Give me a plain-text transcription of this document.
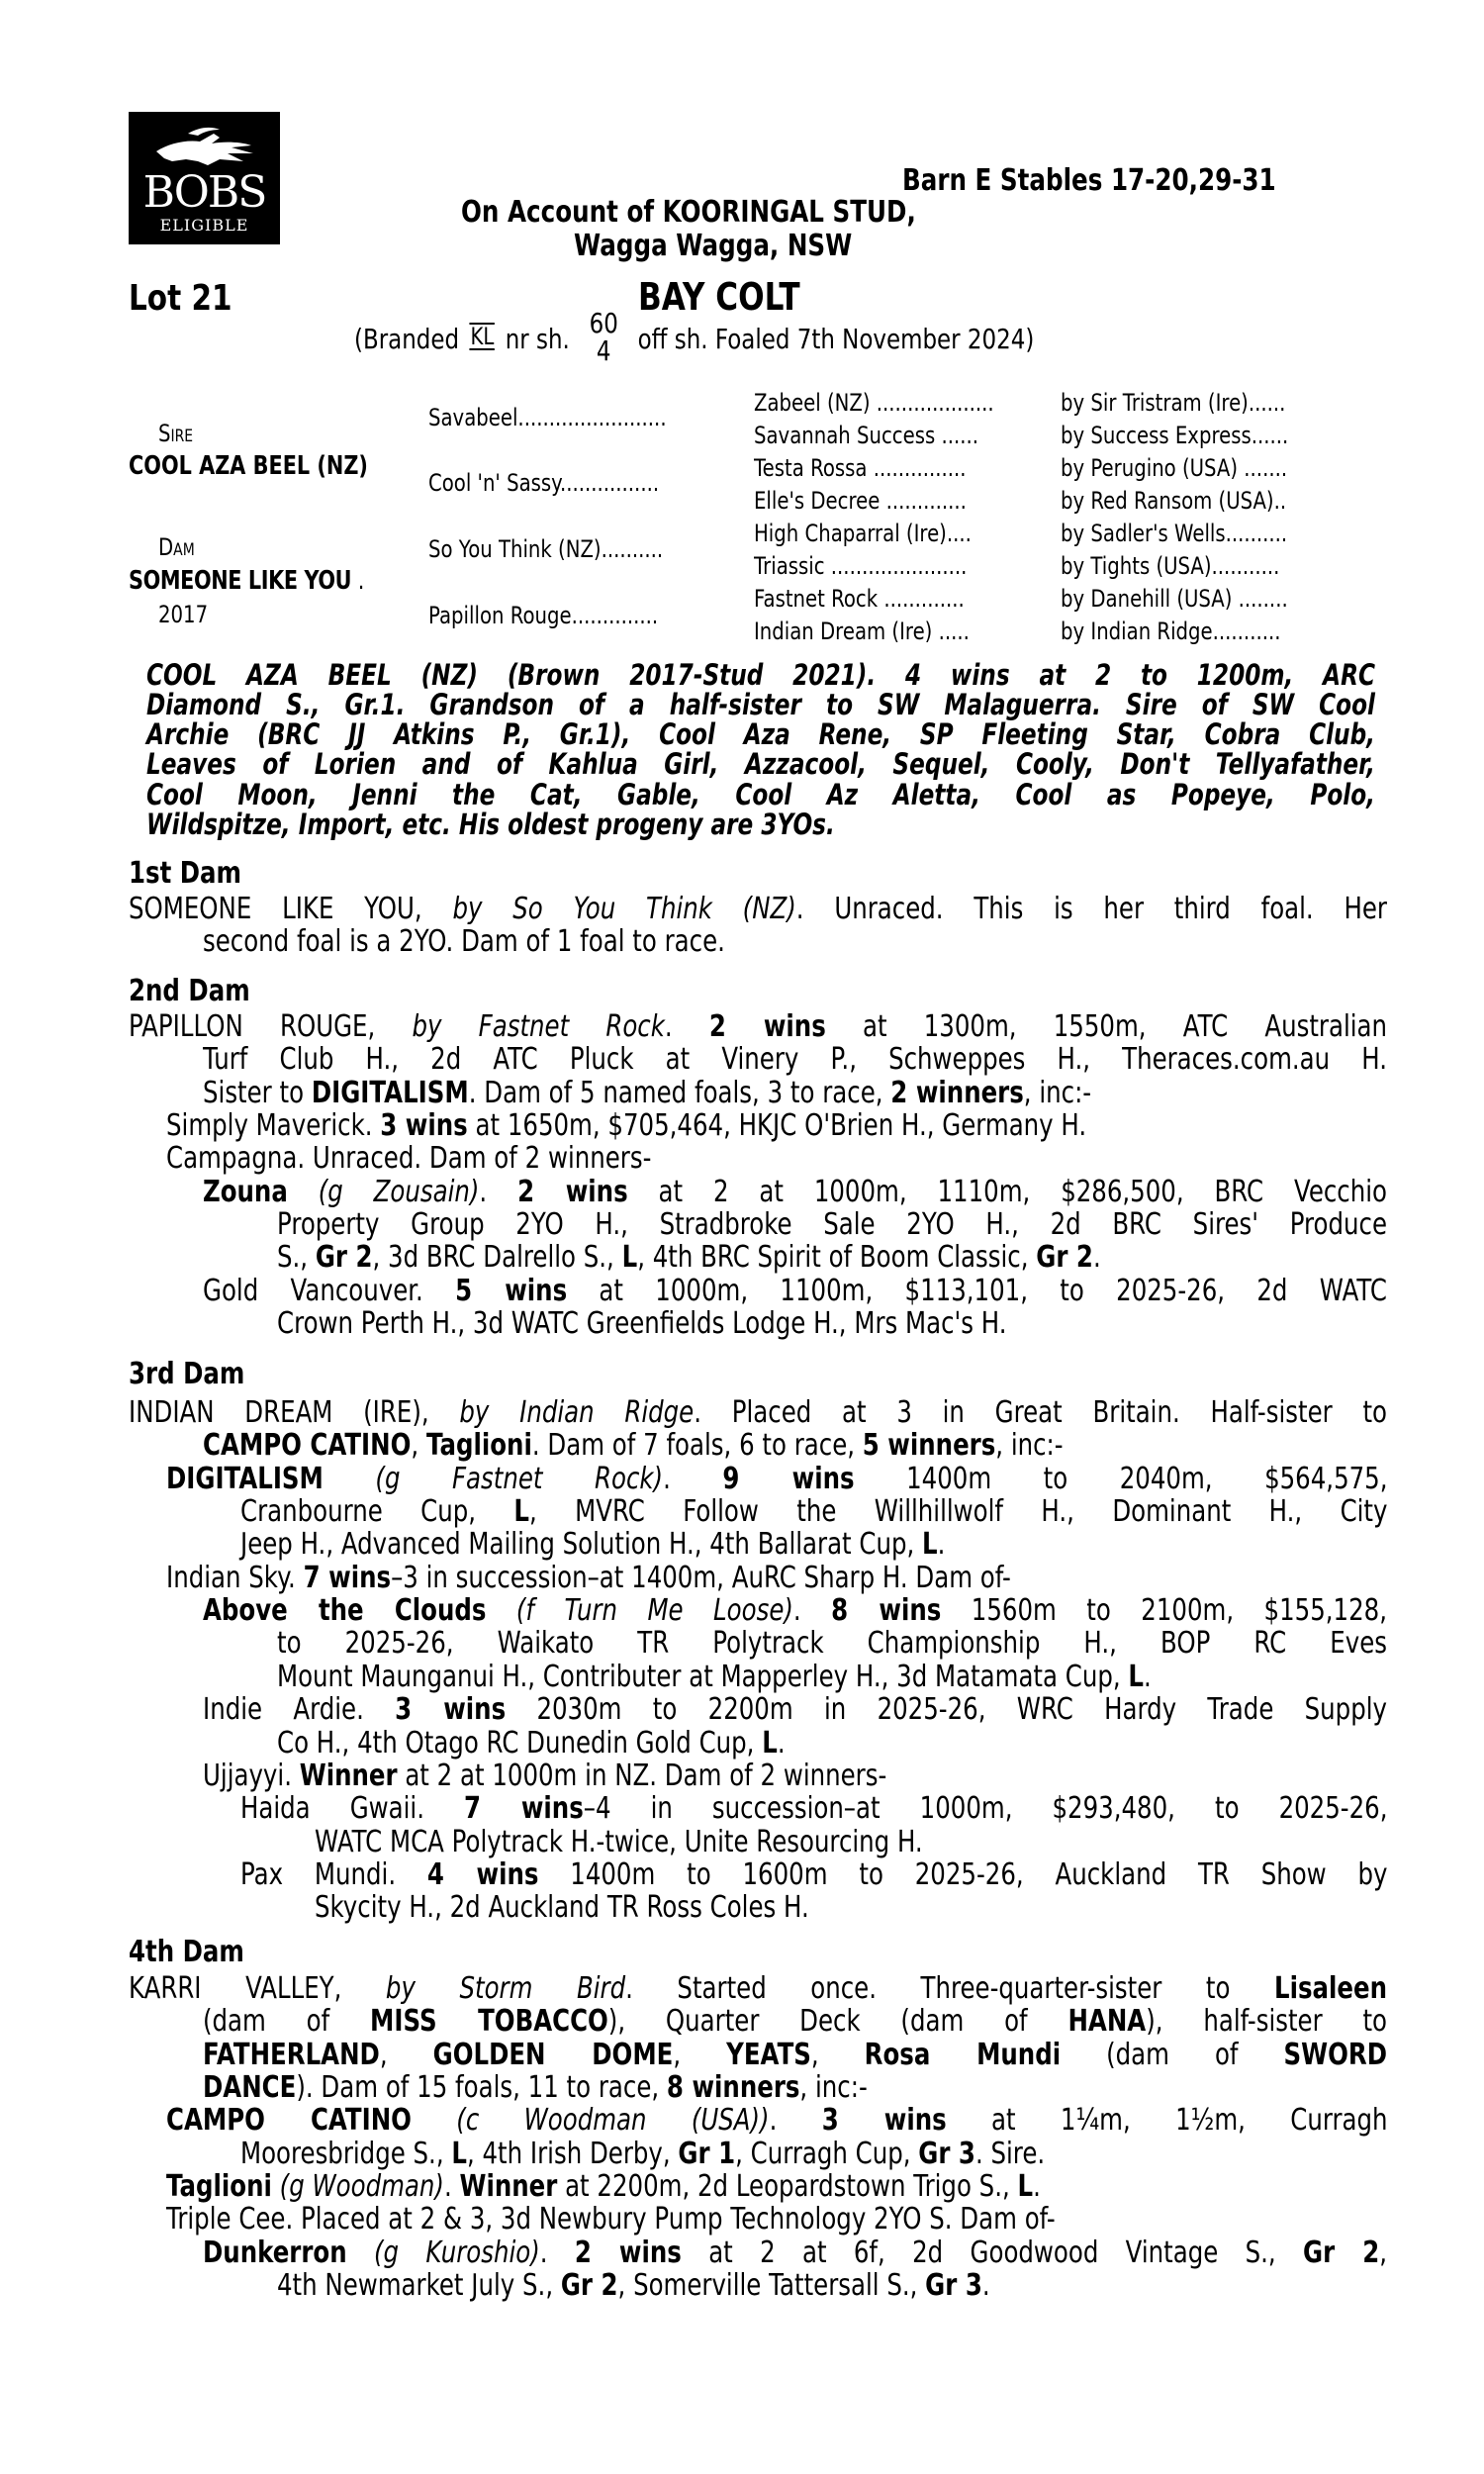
BOBS
ELIGIBLE
Barn E Stables 17-20,29-31
On Account of KOORINGAL STUD,
Wagga Wagga, NSW
Lot 21	BAY COLT
(Branded KL nr sh. 60
4 off sh. Foaled 7th November 2024)
Sire
COOL AZA BEEL (NZ)
Dam
SOMEONE LIKE YOU .
2017
Savabeel........................
Cool 'n' Sassy................
So You Think (NZ)..........
Papillon Rouge..............
Zabeel (NZ) ...................
Savannah Success ......
Testa Rossa ...............
Elle's Decree .............
High Chaparral (Ire)....
Triassic ......................
Fastnet Rock .............
Indian Dream (Ire) .....
by Sir Tristram (Ire)......
by Success Express......
by Perugino (USA) .......
by Red Ransom (USA)..
by Sadler's Wells..........
by Tights (USA)...........
by Danehill (USA) ........
by Indian Ridge...........
COOL AZA BEEL (NZ) (Brown 2017-Stud 2021). 4 wins at 2 to 1200m, ARC
Diamond S., Gr.1. Grandson of a half-sister to SW Malaguerra. Sire of SW Cool
Archie (BRC JJ Atkins P., Gr.1), Cool Aza Rene, SP Fleeting Star, Cobra Club,
Leaves of Lorien and of Kahlua Girl, Azzacool, Sequel, Cooly, Don't Tellyafather,
Cool Moon, Jenni the Cat, Gable, Cool Az Aletta, Cool as Popeye, Polo,
Wildspitze, Import, etc. His oldest progeny are 3YOs.
1st Dam
SOMEONE LIKE YOU, by So You Think (NZ). Unraced. This is her third foal. Her
second foal is a 2YO. Dam of 1 foal to race.
2nd Dam
PAPILLON ROUGE, by Fastnet Rock. 2 wins at 1300m, 1550m, ATC Australian
Turf Club H., 2d ATC Pluck at Vinery P., Schweppes H., Theraces.com.au H.
Sister to DIGITALISM. Dam of 5 named foals, 3 to race, 2 winners, inc:-
Simply Maverick. 3 wins at 1650m, $705,464, HKJC O'Brien H., Germany H.
Campagna. Unraced. Dam of 2 winners-
Zouna (g Zousain). 2 wins at 2 at 1000m, 1110m, $286,500, BRC Vecchio
Property Group 2YO H., Stradbroke Sale 2YO H., 2d BRC Sires' Produce
S., Gr 2, 3d BRC Dalrello S., L, 4th BRC Spirit of Boom Classic, Gr 2.
Gold Vancouver. 5 wins at 1000m, 1100m, $113,101, to 2025-26, 2d WATC
Crown Perth H., 3d WATC Greenfields Lodge H., Mrs Mac's H.
3rd Dam
INDIAN DREAM (IRE), by Indian Ridge. Placed at 3 in Great Britain. Half-sister to
CAMPO CATINO, Taglioni. Dam of 7 foals, 6 to race, 5 winners, inc:-
DIGITALISM (g Fastnet Rock). 9 wins 1400m to 2040m, $564,575,
Cranbourne Cup, L, MVRC Follow the Willhillwolf H., Dominant H., City
Jeep H., Advanced Mailing Solution H., 4th Ballarat Cup, L.
Indian Sky. 7 wins–3 in succession–at 1400m, AuRC Sharp H. Dam of-
Above the Clouds (f Turn Me Loose). 8 wins 1560m to 2100m, $155,128,
to 2025-26, Waikato TR Polytrack Championship H., BOP RC Eves
Mount Maunganui H., Contributer at Mapperley H., 3d Matamata Cup, L.
Indie Ardie. 3 wins 2030m to 2200m in 2025-26, WRC Hardy Trade Supply
Co H., 4th Otago RC Dunedin Gold Cup, L.
Ujjayyi. Winner at 2 at 1000m in NZ. Dam of 2 winners-
Haida Gwaii. 7 wins–4 in succession–at 1000m, $293,480, to 2025-26,
WATC MCA Polytrack H.-twice, Unite Resourcing H.
Pax Mundi. 4 wins 1400m to 1600m to 2025-26, Auckland TR Show by
Skycity H., 2d Auckland TR Ross Coles H.
4th Dam
KARRI VALLEY, by Storm Bird. Started once. Three-quarter-sister to Lisaleen
(dam of MISS TOBACCO), Quarter Deck (dam of HANA), half-sister to
FATHERLAND, GOLDEN DOME, YEATS, Rosa Mundi (dam of SWORD
DANCE). Dam of 15 foals, 11 to race, 8 winners, inc:-
CAMPO CATINO (c Woodman (USA)). 3 wins at 1¼m, 1½m, Curragh
Mooresbridge S., L, 4th Irish Derby, Gr 1, Curragh Cup, Gr 3. Sire.
Taglioni (g Woodman). Winner at 2200m, 2d Leopardstown Trigo S., L.
Triple Cee. Placed at 2 & 3, 3d Newbury Pump Technology 2YO S. Dam of-
Dunkerron (g Kuroshio). 2 wins at 2 at 6f, 2d Goodwood Vintage S., Gr 2,
4th Newmarket July S., Gr 2, Somerville Tattersall S., Gr 3.
